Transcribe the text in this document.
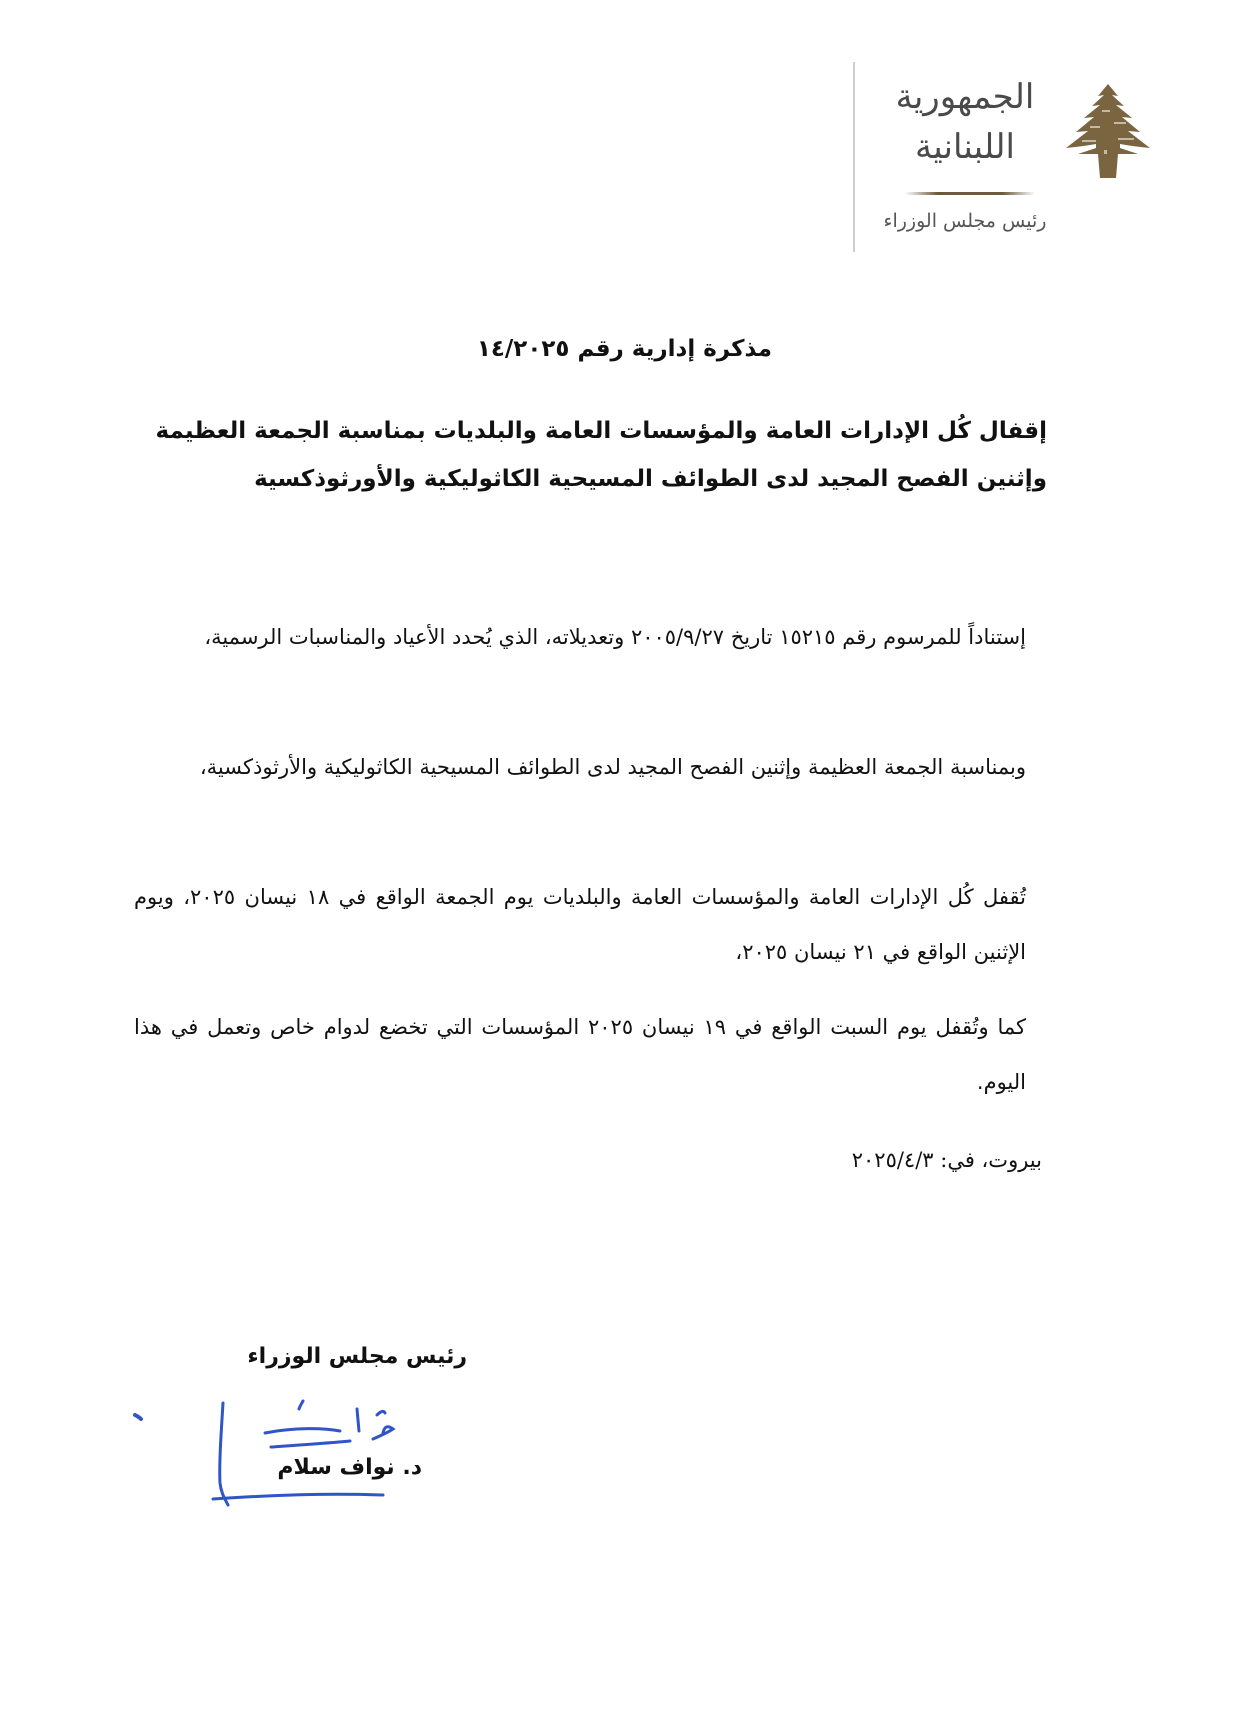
الجمهورية
اللبنانية
رئيس مجلس الوزراء
مذكرة إدارية رقم ١٤/٢٠٢٥
إقفال كُل الإدارات العامة والمؤسسات العامة والبلديات بمناسبة الجمعة العظيمة
وإثنين الفصح المجيد لدى الطوائف المسيحية الكاثوليكية والأورثوذكسية
إستناداً للمرسوم رقم ١٥٢١٥ تاريخ ٢٠٠٥/٩/٢٧ وتعديلاته، الذي يُحدد الأعياد والمناسبات الرسمية،
وبمناسبة الجمعة العظيمة وإثنين الفصح المجيد لدى الطوائف المسيحية الكاثوليكية والأرثوذكسية،
تُقفل كُل الإدارات العامة والمؤسسات العامة والبلديات يوم الجمعة الواقع في ١٨ نيسان ٢٠٢٥، ويوم الإثنين الواقع في ٢١ نيسان ٢٠٢٥،
كما وتُقفل يوم السبت الواقع في ١٩ نيسان ٢٠٢٥ المؤسسات التي تخضع لدوام خاص وتعمل في هذا اليوم.
بيروت، في: ٢٠٢٥/٤/٣
رئيس مجلس الوزراء
د. نواف سلام
